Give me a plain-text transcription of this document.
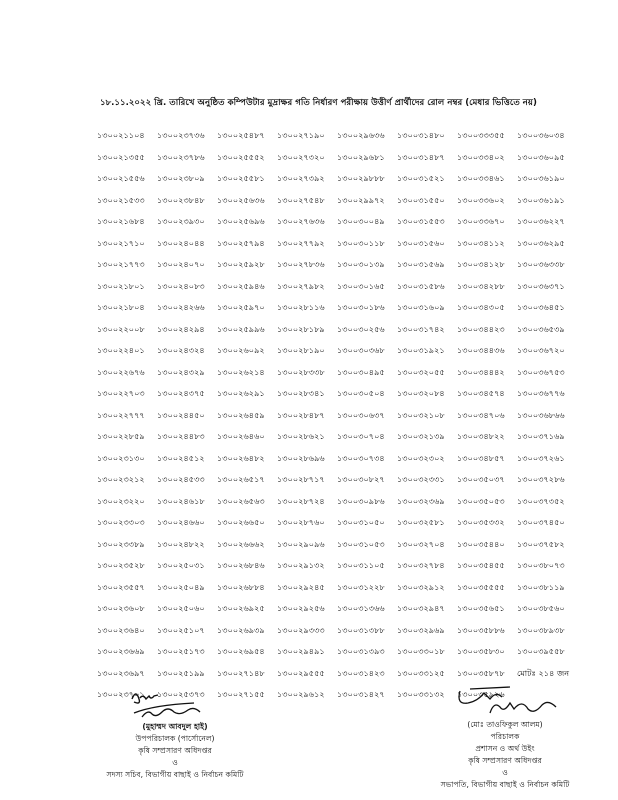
১৮.১১.২০২২ খ্রি. তারিখে অনুষ্ঠিত কম্পিউটার মুদ্রাক্ষর গতি নির্ধারণ পরীক্ষায় উত্তীর্ণ প্রার্থীদের রোল নম্বর (মেধার ভিত্তিতে নয়)
১৩০০২১১০৪	১৩০০২৩৭৩৬	১৩০০২৫৪৮৭	১৩০০২৭১৯০	১৩০০২৯৬৩৬	১৩০০৩১৪৮০	১৩০০৩৩৩৫৫	১৩০০৩৬০৩৪
১৩০০২১৩৫৫	১৩০০২৩৭৮৬	১৩০০২৫৫৫২	১৩০০২৭৩২০	১৩০০২৯৬৮১	১৩০০৩১৪৮৭	১৩০০৩৩৪০২	১৩০০৩৬০৯৫
১৩০০২১৫৫৬	১৩০০২৩৮০৯	১৩০০২৫৫৮১	১৩০০২৭৩৯২	১৩০০২৯৮৮৮	১৩০০৩১৫২১	১৩০০৩৩৪৬১	১৩০০৩৬১৯০
১৩০০২১৫৩৩	১৩০০২৩৮৪৮	১৩০০২৫৬৩৬	১৩০০২৭৫৪৮	১৩০০২৯৯৭২	১৩০০৩১৫৫০	১৩০০৩৩৬০২	১৩০০৩৬১৯১
১৩০০২১৬৮৪	১৩০০২৩৯৩০	১৩০০২৫৬৯৬	১৩০০২৭৬৩৬	১৩০০৩০০৪৯	১৩০০৩১৫৫৩	১৩০০৩৩৬৭০	১৩০০৩৬২২৭
১৩০০২১৭১০	১৩০০২৪০৪৪	১৩০০২৫৭৯৪	১৩০০২৭৭৯২	১৩০০৩০১১৮	১৩০০৩১৫৬০	১৩০০৩৪১১২	১৩০০৩৬২৯৫
১৩০০২১৭৭৩	১৩০০২৪০৭০	১৩০০২৫৯২৮	১৩০০২৭৮৩৬	১৩০০৩০১৩৯	১৩০০৩১৫৬৯	১৩০০৩৪১২৮	১৩০০৩৬৩৩৮
১৩০০২১৮০১	১৩০০২৪০৮৩	১৩০০২৫৯৪৬	১৩০০২৭৯৮২	১৩০০৩০১৬৫	১৩০০৩১৫৮৬	১৩০০৩৪২৮৮	১৩০০৩৬৩৭১
১৩০০২১৮০৪	১৩০০২৪২৬৬	১৩০০২৫৯৭০	১৩০০২৮১১৬	১৩০০৩০১৮৬	১৩০০৩১৬০৯	১৩০০৩৪৩০৫	১৩০০৩৬৪৫১
১৩০০২২০০৮	১৩০০২৪২৯৪	১৩০০২৫৯৯৬	১৩০০২৮১৮৯	১৩০০৩০২৫৬	১৩০০৩১৭৪২	১৩০০৩৪৪২৩	১৩০০৩৬৫৩৯
১৩০০২২৪০১	১৩০০২৪৩২৪	১৩০০২৬০৯২	১৩০০২৮১৯০	১৩০০৩০৩৬৮	১৩০০৩১৯২১	১৩০০৩৪৪৩৬	১৩০০৩৬৭২০
১৩০০২২৬৭৬	১৩০০২৪৩২৯	১৩০০২৬২১৪	১৩০০২৮৩৩৮	১৩০০৩০৪৯৫	১৩০০৩২০৫৫	১৩০০৩৪৪৪২	১৩০০৩৬৭৫৩
১৩০০২২৭০৩	১৩০০২৪৩৭৫	১৩০০২৬২৯১	১৩০০২৮৩৪১	১৩০০৩০৫০৪	১৩০০৩২০৮৪	১৩০০৩৪৫৭৪	১৩০০৩৬৭৭৬
১৩০০২২৭৭৭	১৩০০২৪৪৫০	১৩০০২৬৪৫৯	১৩০০২৮৪৮৭	১৩০০৩০৬৩৭	১৩০০৩২১০৮	১৩০০৩৪৭০৬	১৩০০৩৬৮৬৬
১৩০০২২৮৫৯	১৩০০২৪৪৮৩	১৩০০২৬৪৬০	১৩০০২৮৬২১	১৩০০৩০৭০৪	১৩০০৩২১৩৯	১৩০০৩৪৮২২	১৩০০৩৭১৬৯
১৩০০২৩১৩০	১৩০০২৪৫১২	১৩০০২৬৪৮২	১৩০০২৮৬৯৬	১৩০০৩০৭৩৪	১৩০০৩২৩০২	১৩০০৩৪৮৫৭	১৩০০৩৭২৬১
১৩০০২৩২১২	১৩০০২৪৫৩৩	১৩০০২৬৫১৭	১৩০০২৮৭১৭	১৩০০৩০৮২৭	১৩০০৩২৩৩১	১৩০০৩৫০৩৭	১৩০০৩৭২৮৬
১৩০০২৩২২০	১৩০০২৪৬১৮	১৩০০২৬৫৬৩	১৩০০২৮৭২৪	১৩০০৩০৯৮৬	১৩০০৩২৩৬৯	১৩০০৩৫০৫৩	১৩০০৩৭৩৫২
১৩০০২৩৩০৩	১৩০০২৪৬৬০	১৩০০২৬৬৫০	১৩০০২৮৭৬০	১৩০০৩১০৫০	১৩০০৩২৫৮১	১৩০০৩৫৩৩২	১৩০০৩৭৪৫০
১৩০০২৩৩৮৯	১৩০০২৪৮২২	১৩০০২৬৬৬২	১৩০০২৯০৯৬	১৩০০৩১০৫৩	১৩০০৩২৭০৪	১৩০০৩৫৪৪০	১৩০০৩৭৫৮২
১৩০০২৩৫২৮	১৩০০২৫০৩১	১৩০০২৬৮৪৬	১৩০০২৯১৩২	১৩০০৩১১০৫	১৩০০৩২৭৮৪	১৩০০৩৫৪৫৫	১৩০০৩৮০৭৩
১৩০০২৩৫৫৭	১৩০০২৫০৪৯	১৩০০২৬৮৮৪	১৩০০২৯২৪৫	১৩০০৩১২২৮	১৩০০৩২৯১২	১৩০০৩৫৫৫৫	১৩০০৩৮১১৯
১৩০০২৩৬০৮	১৩০০২৫০৬০	১৩০০২৬৯২৫	১৩০০২৯২৫৬	১৩০০৩১৩৬৬	১৩০০৩২৯৪৭	১৩০০৩৫৬৫১	১৩০০৩৮৫৬০
১৩০০২৩৬৪০	১৩০০২৫১০৭	১৩০০২৬৯৩৯	১৩০০২৯৩৩৩	১৩০০৩১৩৮৮	১৩০০৩২৯৬৯	১৩০০৩৫৮৮৬	১৩০০৩৮৯৩৮
১৩০০২৩৬৬৯	১৩০০২৫১৭৩	১৩০০২৬৯৫৪	১৩০০২৯৪৯১	১৩০০৩১৩৯৩	১৩০০৩৩০১৮	১৩০০৩৫৮৩০	১৩০০৩৯৫৫৮
১৩০০২৩৬৯৭	১৩০০২৫১৯৯	১৩০০২৭১৪৮	১৩০০২৯৫৫৫	১৩০০৩১৪২৩	১৩০০৩৩১২৫	১৩০০৩৫৮৭৮	মোটঃ ২১৪ জন
১৩০০২৩৭০১	১৩০০২৫৩৭৩	১৩০০২৭১৫৫	১৩০০২৯৬১২	১৩০০৩১৪২৭	১৩০০৩৩১৩২	১৩০০৩৫৯২৬
(মুহাম্মদ আবদুল হাই)
উপপরিচালক (পার্সোনেল)
কৃষি সম্প্রসারণ অধিদপ্তর
ও
সদস্য সচিব, বিভাগীয় বাছাই ও নির্বাচন কমিটি
(মোঃ তাওফিকুল আলম)
পরিচালক
প্রশাসন ও অর্থ উইং
কৃষি সম্প্রসারণ অধিদপ্তর
ও
সভাপতি, বিভাগীয় বাছাই ও নির্বাচন কমিটি
